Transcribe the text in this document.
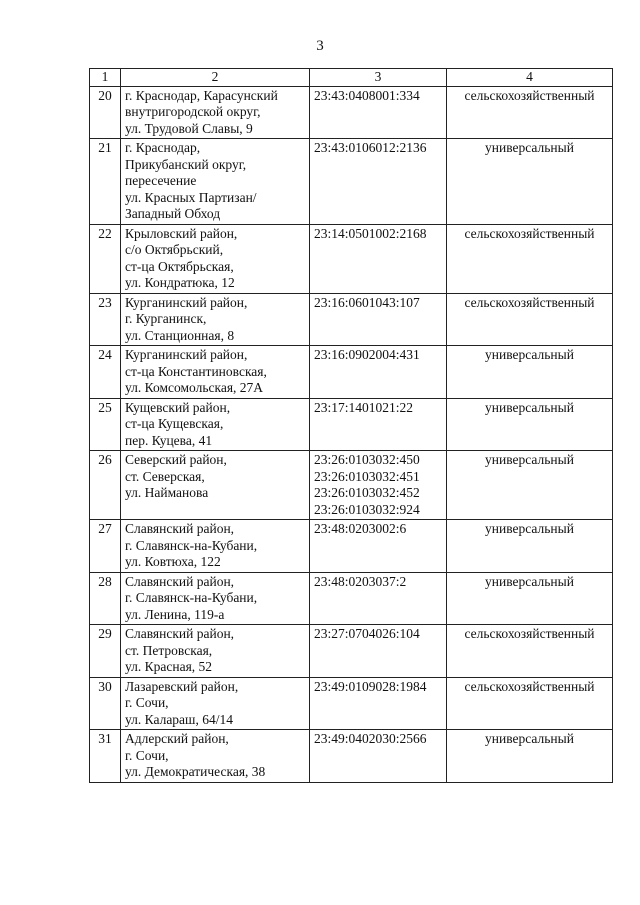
3
1	2	3	4
20	г. Краснодар, Карасунский
внутригородской округ,
ул. Трудовой Славы, 9	23:43:0408001:334	сельскохозяйственный
21	г. Краснодар,
Прикубанский округ,
пересечение
ул. Красных Партизан/
Западный Обход	23:43:0106012:2136	универсальный
22	Крыловский район,
с/о Октябрьский,
ст-ца Октябрьская,
ул. Кондратюка, 12	23:14:0501002:2168	сельскохозяйственный
23	Курганинский район,
г. Курганинск,
ул. Станционная, 8	23:16:0601043:107	сельскохозяйственный
24	Курганинский район,
ст-ца Константиновская,
ул. Комсомольская, 27А	23:16:0902004:431	универсальный
25	Кущевский район,
ст-ца Кущевская,
пер. Куцева, 41	23:17:1401021:22	универсальный
26	Северский район,
ст. Северская,
ул. Найманова	23:26:0103032:450
23:26:0103032:451
23:26:0103032:452
23:26:0103032:924	универсальный
27	Славянский район,
г. Славянск-на-Кубани,
ул. Ковтюха, 122	23:48:0203002:6	универсальный
28	Славянский район,
г. Славянск-на-Кубани,
ул. Ленина, 119-а	23:48:0203037:2	универсальный
29	Славянский район,
ст. Петровская,
ул. Красная, 52	23:27:0704026:104	сельскохозяйственный
30	Лазаревский район,
г. Сочи,
ул. Калараш, 64/14	23:49:0109028:1984	сельскохозяйственный
31	Адлерский район,
г. Сочи,
ул. Демократическая, 38	23:49:0402030:2566	универсальный
